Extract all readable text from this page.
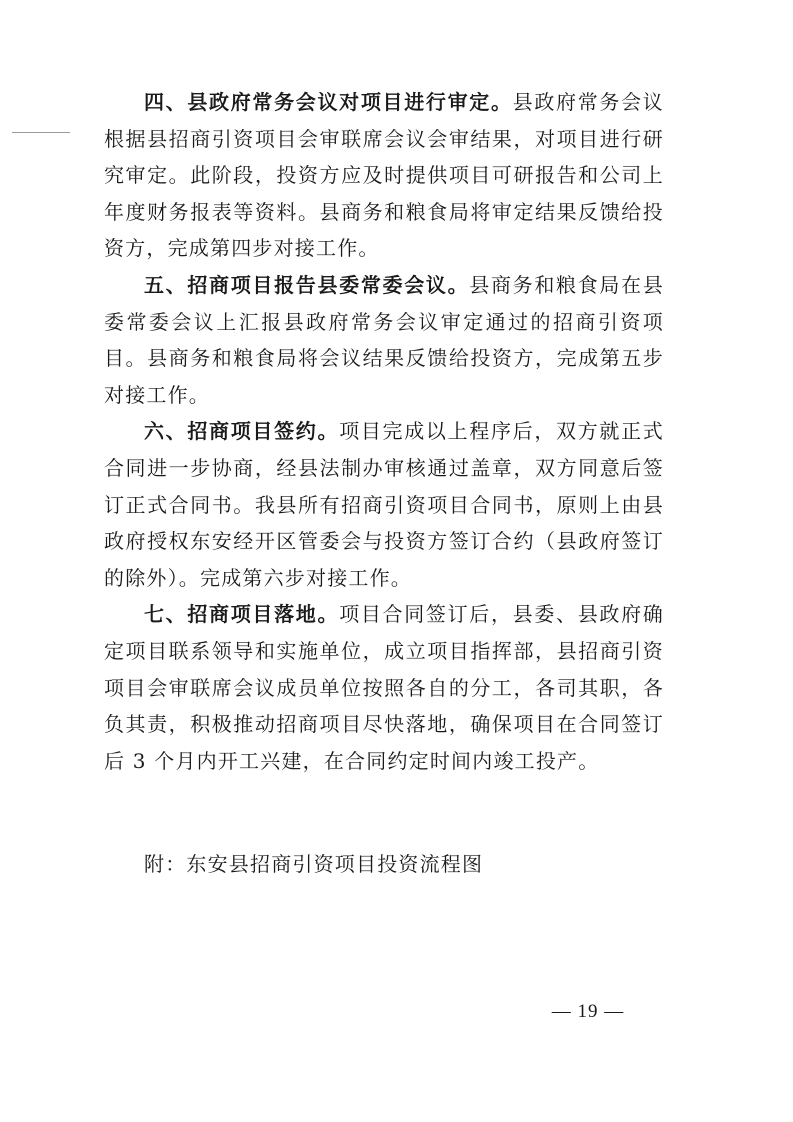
四、县政府常务会议对项目进行审定。县政府常务会议根据县招商引资项目会审联席会议会审结果，对项目进行研究审定。此阶段，投资方应及时提供项目可研报告和公司上年度财务报表等资料。县商务和粮食局将审定结果反馈给投资方，完成第四步对接工作。

五、招商项目报告县委常委会议。县商务和粮食局在县委常委会议上汇报县政府常务会议审定通过的招商引资项目。县商务和粮食局将会议结果反馈给投资方，完成第五步对接工作。

六、招商项目签约。项目完成以上程序后，双方就正式合同进一步协商，经县法制办审核通过盖章，双方同意后签订正式合同书。我县所有招商引资项目合同书，原则上由县政府授权东安经开区管委会与投资方签订合约（县政府签订的除外）。完成第六步对接工作。

七、招商项目落地。项目合同签订后，县委、县政府确定项目联系领导和实施单位，成立项目指挥部，县招商引资项目会审联席会议成员单位按照各自的分工，各司其职，各负其责，积极推动招商项目尽快落地，确保项目在合同签订后 3 个月内开工兴建，在合同约定时间内竣工投产。

附：东安县招商引资项目投资流程图

— 19 —
